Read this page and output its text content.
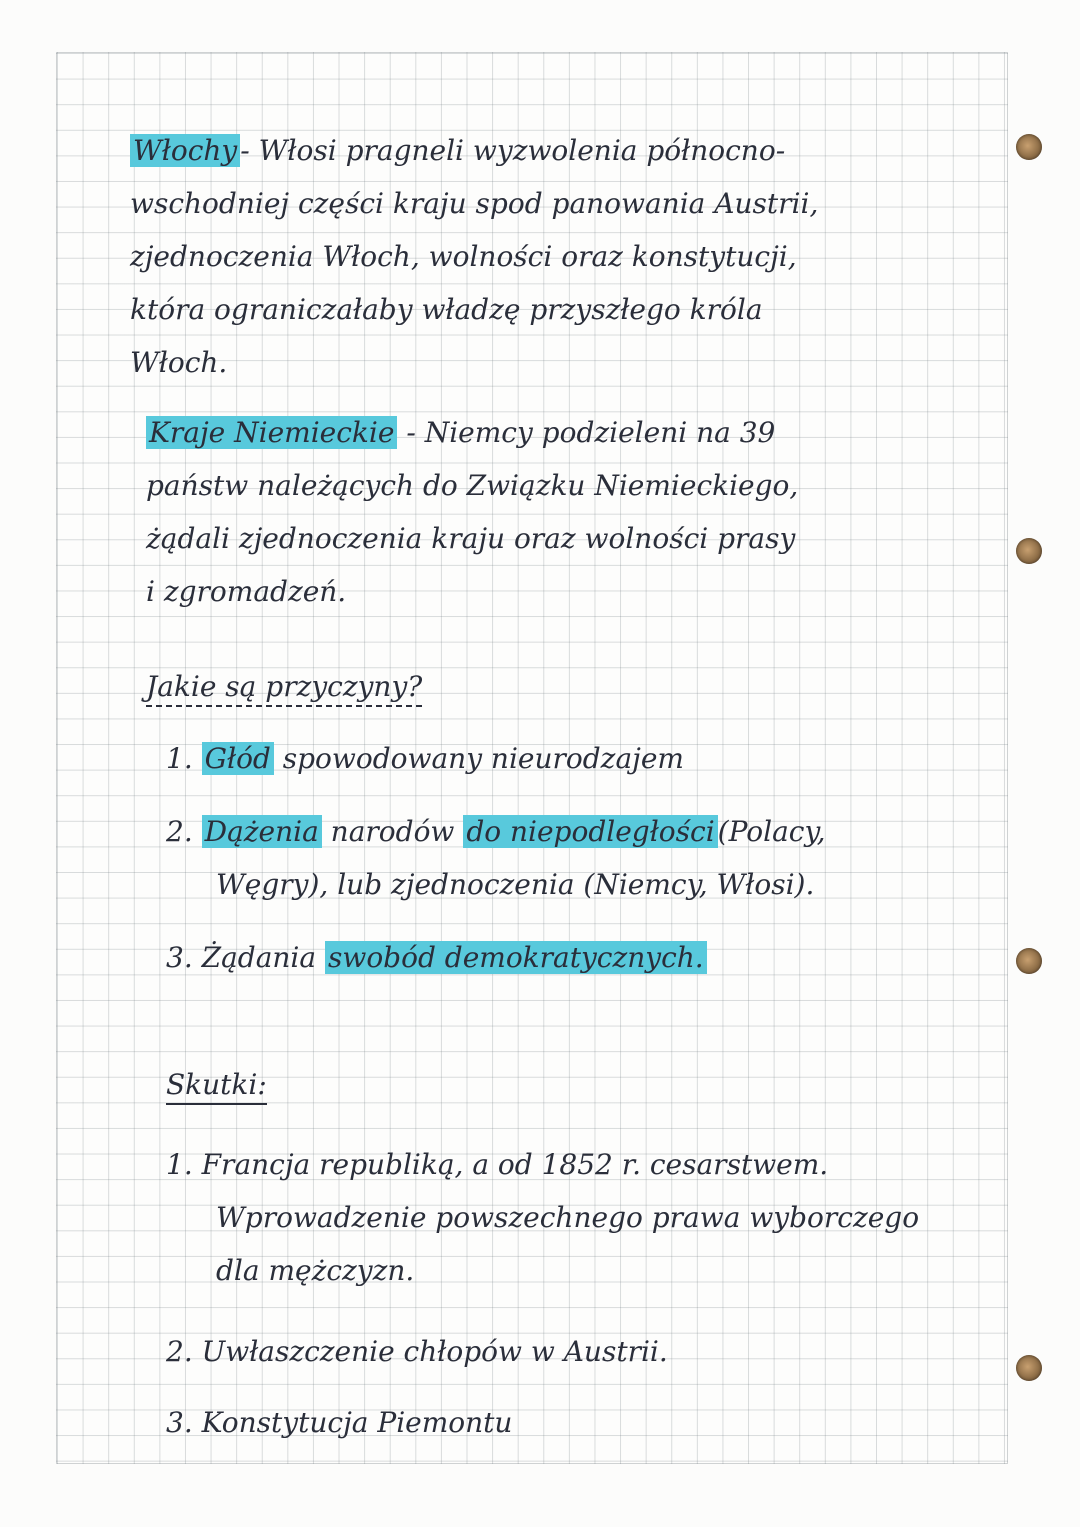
Włochy - Włosi pragneli wyzwolenia północno-
wschodniej części kraju spod panowania Austrii,
zjednoczenia Włoch, wolności oraz konstytucji,
która ograniczałaby władzę przyszłego króla
Włoch.
Kraje Niemieckie - Niemcy podzieleni na 39
państw należących do Związku Niemieckiego,
żądali zjednoczenia kraju oraz wolności prasy
i zgromadzeń.
Jakie są przyczyny?
1. Głód spowodowany nieurodzajem
2. Dążenia narodów do niepodległości (Polacy,
Węgry), lub zjednoczenia (Niemcy, Włosi).
3. Żądania swobód demokratycznych.
Skutki:
1. Francja republiką, a od 1852 r. cesarstwem.
Wprowadzenie powszechnego prawa wyborczego
dla mężczyzn.
2. Uwłaszczenie chłopów w Austrii.
3. Konstytucja Piemontu
